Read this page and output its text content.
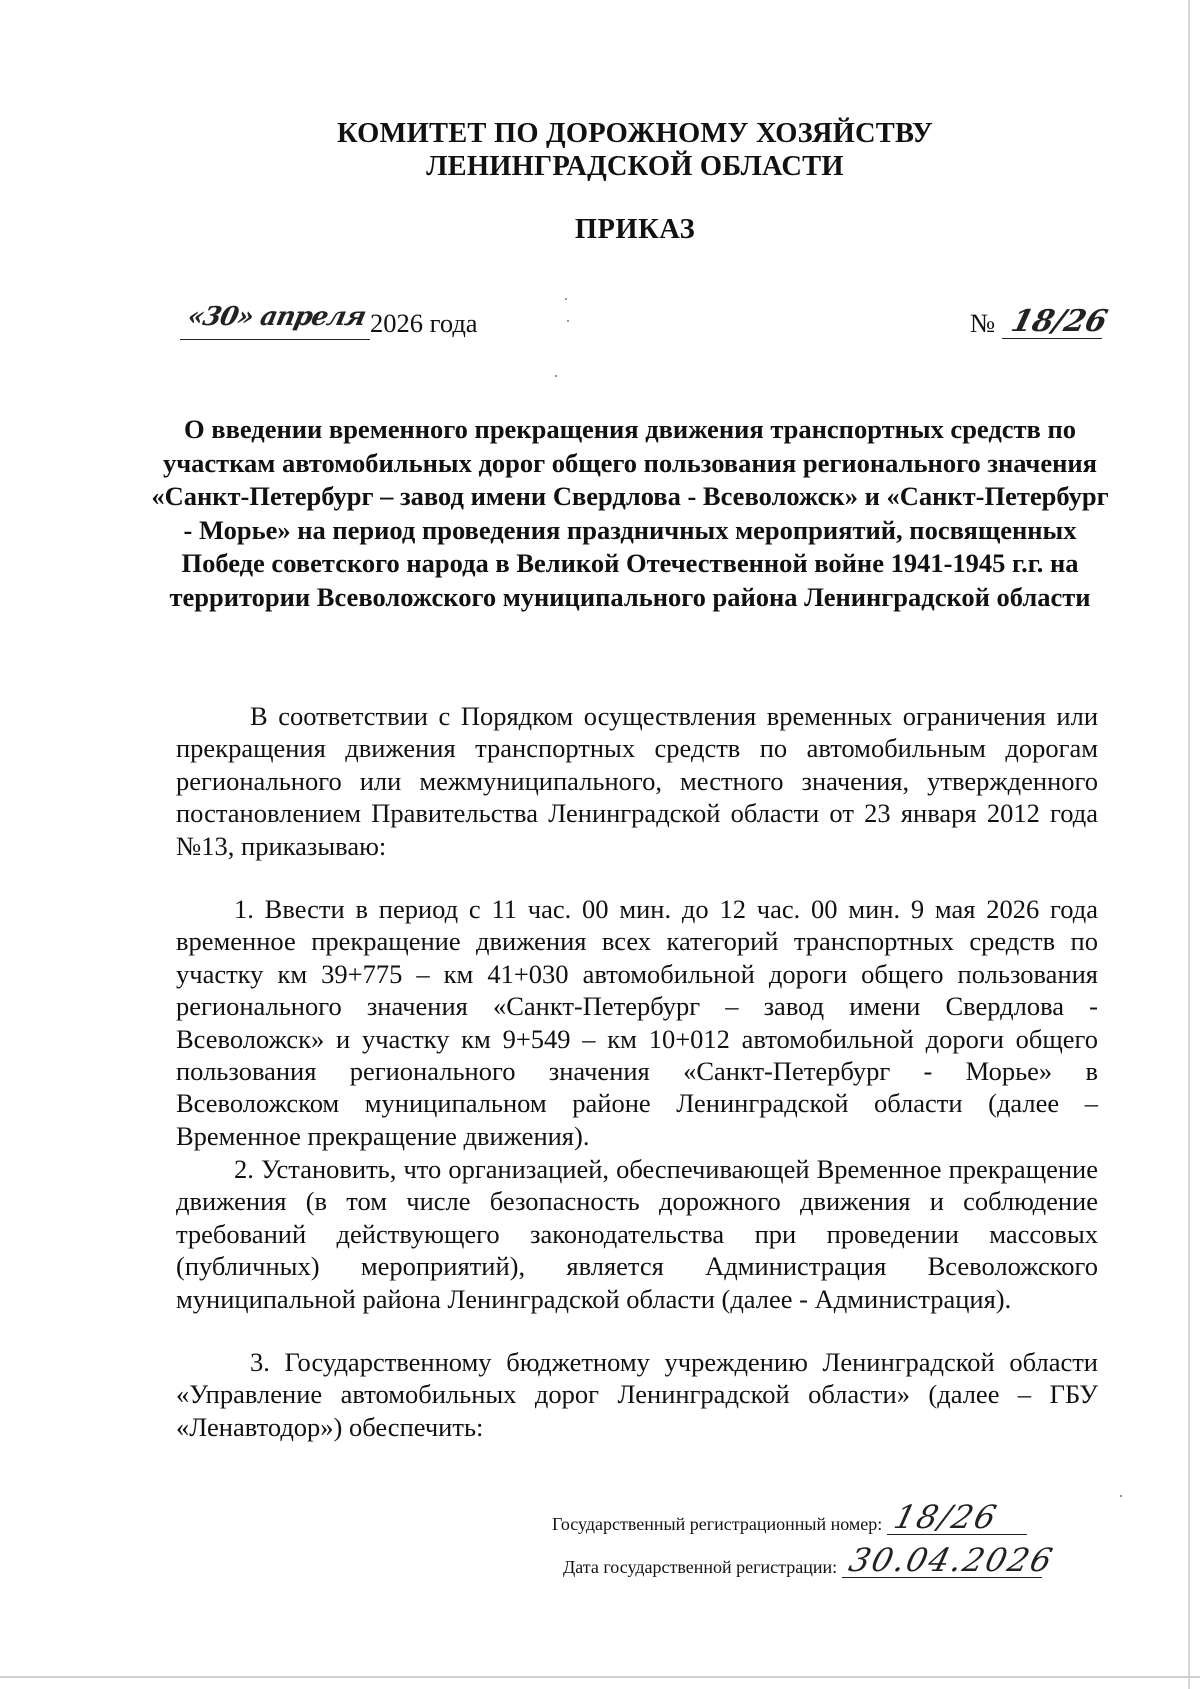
КОМИТЕТ ПО ДОРОЖНОМУ ХОЗЯЙСТВУ
ЛЕНИНГРАДСКОЙ ОБЛАСТИ
ПРИКАЗ
«30» апреля 2026 года	№ 18/26
О введении временного прекращения движения транспортных средств по участкам автомобильных дорог общего пользования регионального значения «Санкт-Петербург – завод имени Свердлова - Всеволожск» и «Санкт-Петербург - Морье» на период проведения праздничных мероприятий, посвященных Победе советского народа в Великой Отечественной войне 1941-1945 г.г. на территории Всеволожского муниципального района Ленинградской области
В соответствии с Порядком осуществления временных ограничения или прекращения движения транспортных средств по автомобильным дорогам регионального или межмуниципального, местного значения, утвержденного постановлением Правительства Ленинградской области от 23 января 2012 года №13, приказываю:
1. Ввести в период с 11 час. 00 мин. до 12 час. 00 мин. 9 мая 2026 года временное прекращение движения всех категорий транспортных средств по участку км 39+775 – км 41+030 автомобильной дороги общего пользования регионального значения «Санкт-Петербург – завод имени Свердлова - Всеволожск» и участку км 9+549 – км 10+012 автомобильной дороги общего пользования регионального значения «Санкт-Петербург - Морье» в Всеволожском муниципальном районе Ленинградской области (далее – Временное прекращение движения).
2. Установить, что организацией, обеспечивающей Временное прекращение движения (в том числе безопасность дорожного движения и соблюдение требований действующего законодательства при проведении массовых (публичных) мероприятий), является Администрация Всеволожского муниципальной района Ленинградской области (далее - Администрация).
3. Государственному бюджетному учреждению Ленинградской области «Управление автомобильных дорог Ленинградской области» (далее – ГБУ «Ленавтодор») обеспечить:
Государственный регистрационный номер: 18/26
Дата государственной регистрации: 30.04.2026
